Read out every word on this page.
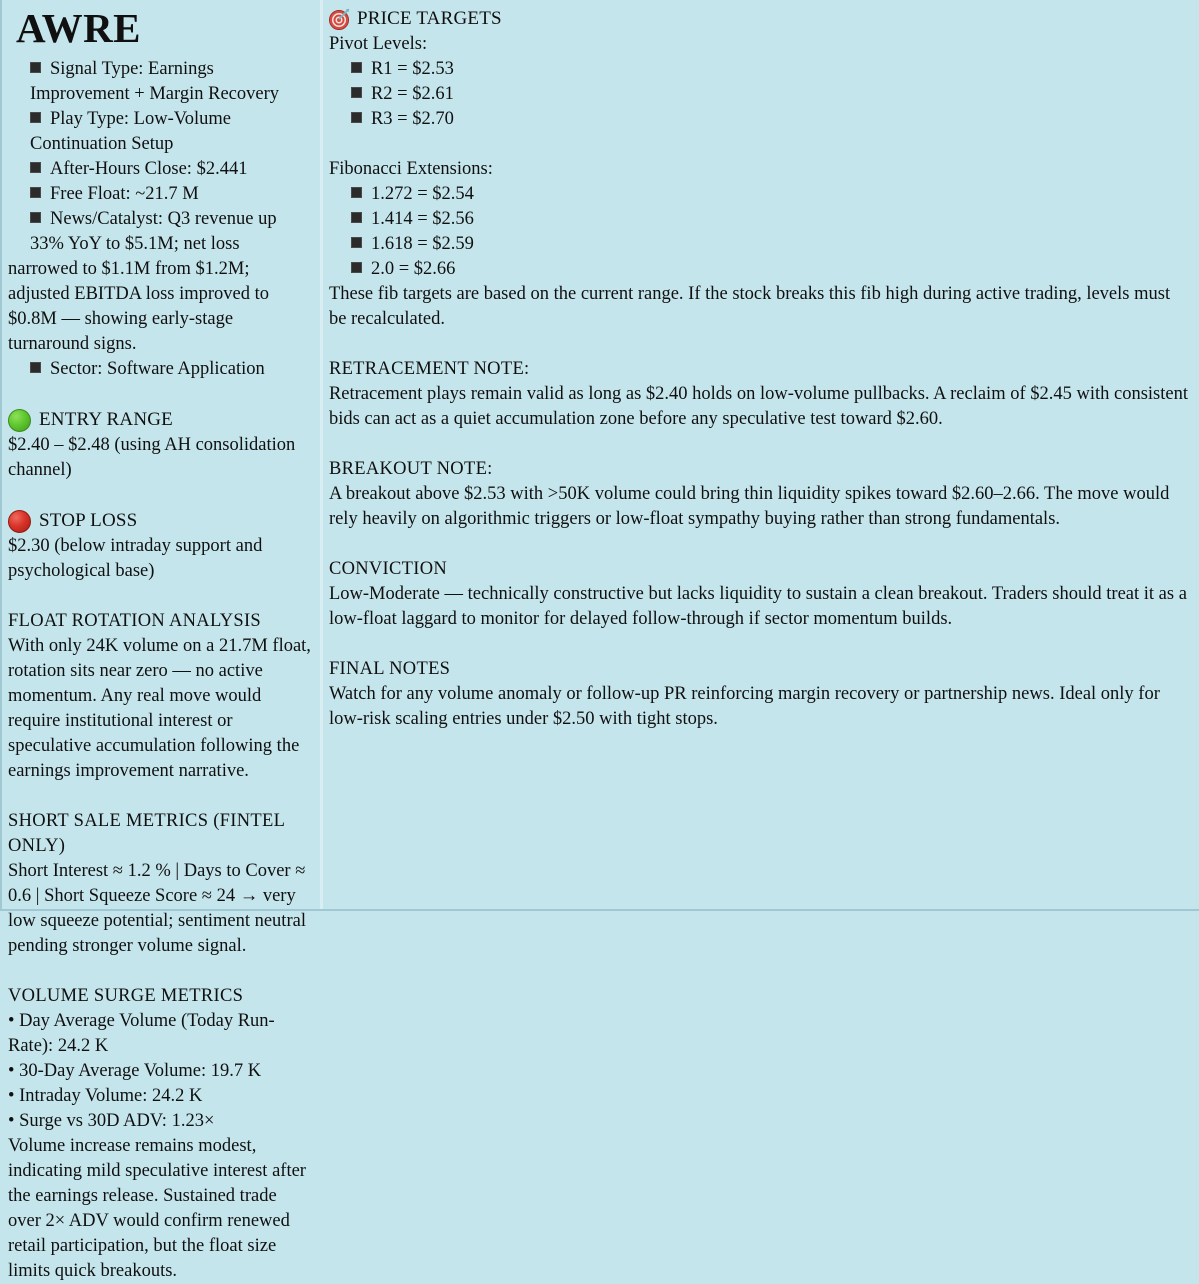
AWRE

Signal Type: Earnings Improvement + Margin Recovery

Play Type: Low-Volume Continuation Setup

After-Hours Close: $2.441

Free Float: ~21.7 M

News/Catalyst: Q3 revenue up 33% YoY to $5.1M; net loss

narrowed to $1.1M from $1.2M; adjusted EBITDA loss improved to $0.8M — showing early-stage turnaround signs.

Sector: Software Application

ENTRY RANGE

$2.40 – $2.48 (using AH consolidation channel)

STOP LOSS

$2.30 (below intraday support and psychological base)

FLOAT ROTATION ANALYSIS

With only 24K volume on a 21.7M float, rotation sits near zero — no active momentum. Any real move would require institutional interest or speculative accumulation following the earnings improvement narrative.

SHORT SALE METRICS (FINTEL ONLY)

Short Interest ≈ 1.2 % | Days to Cover ≈ 0.6 | Short Squeeze Score ≈ 24 → very low squeeze potential; sentiment neutral pending stronger volume signal.

VOLUME SURGE METRICS

• Day Average Volume (Today Run-Rate): 24.2 K

• 30-Day Average Volume: 19.7 K

• Intraday Volume: 24.2 K

• Surge vs 30D ADV: 1.23×

Volume increase remains modest, indicating mild speculative interest after the earnings release. Sustained trade over 2× ADV would confirm renewed retail participation, but the float size limits quick breakouts.

PRICE TARGETS

Pivot Levels:

R1 = $2.53

R2 = $2.61

R3 = $2.70

Fibonacci Extensions:

1.272 = $2.54

1.414 = $2.56

1.618 = $2.59

2.0 = $2.66

These fib targets are based on the current range. If the stock breaks this fib high during active trading, levels must be recalculated.

RETRACEMENT NOTE:

Retracement plays remain valid as long as $2.40 holds on low-volume pullbacks. A reclaim of $2.45 with consistent bids can act as a quiet accumulation zone before any speculative test toward $2.60.

BREAKOUT NOTE:

A breakout above $2.53 with >50K volume could bring thin liquidity spikes toward $2.60–2.66. The move would rely heavily on algorithmic triggers or low-float sympathy buying rather than strong fundamentals.

CONVICTION

Low-Moderate — technically constructive but lacks liquidity to sustain a clean breakout. Traders should treat it as a low-float laggard to monitor for delayed follow-through if sector momentum builds.

FINAL NOTES

Watch for any volume anomaly or follow-up PR reinforcing margin recovery or partnership news. Ideal only for low-risk scaling entries under $2.50 with tight stops.
